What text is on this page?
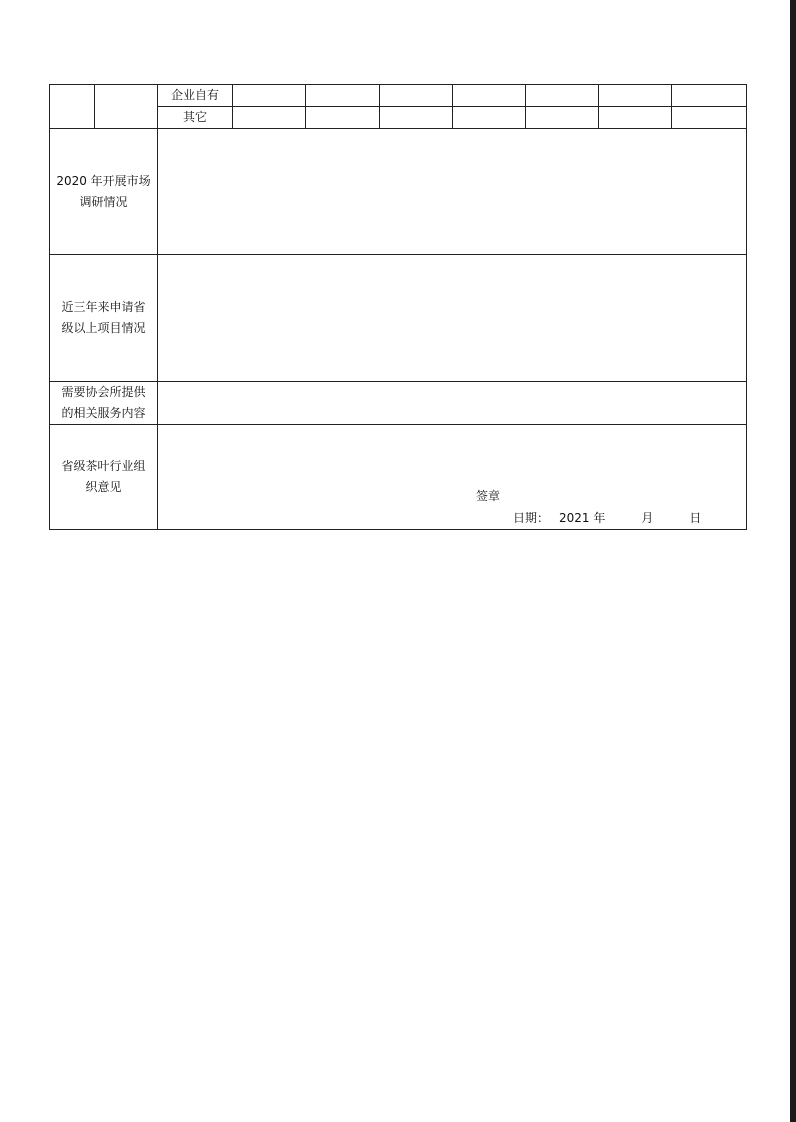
		企业自有							
		其它							

2020 年开展市场
调研情况									

近三年来申请省
级以上项目情况									

需要协会所提供
的相关服务内容									

省级茶叶行业组
织意见		签章
日期： 2021 年 月 日							
